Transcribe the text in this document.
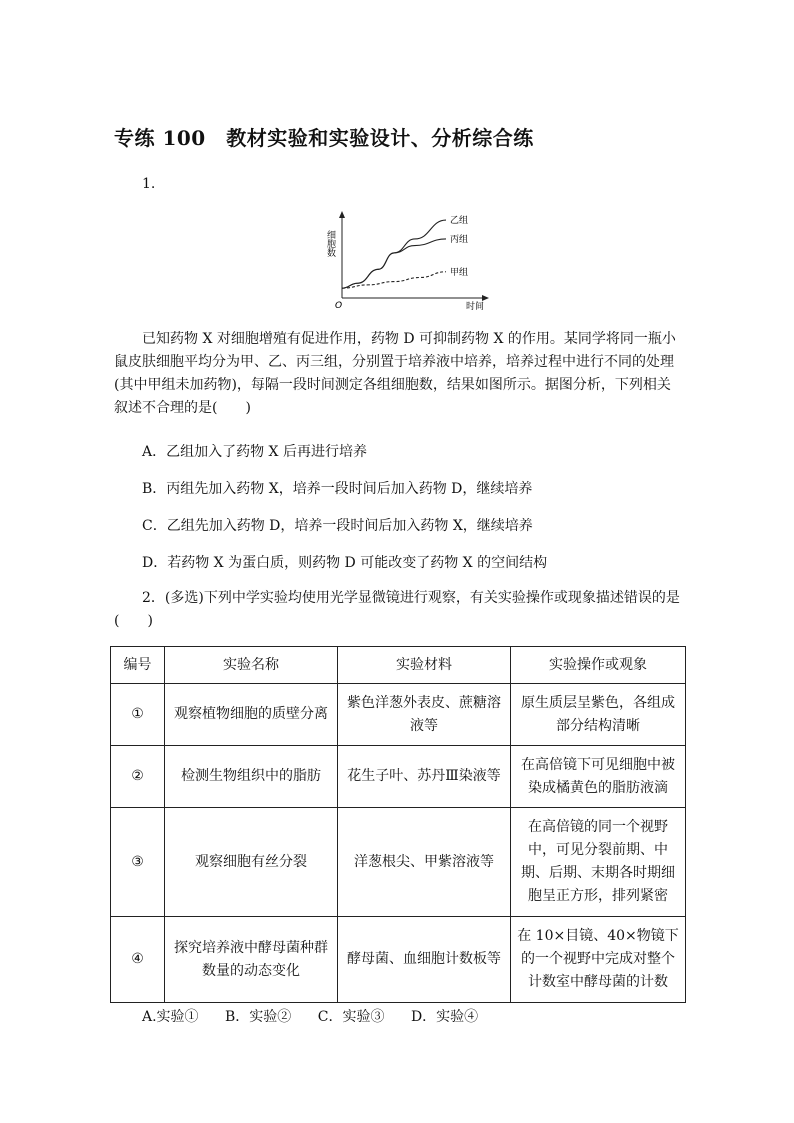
专练 100　教材实验和实验设计、分析综合练
1.
细胞数
O	时间
乙组
丙组
甲组
已知药物 X 对细胞增殖有促进作用，药物 D 可抑制药物 X 的作用。某同学将同一瓶小鼠皮肤细胞平均分为甲、乙、丙三组，分别置于培养液中培养，培养过程中进行不同的处理(其中甲组未加药物)，每隔一段时间测定各组细胞数，结果如图所示。据图分析，下列相关叙述不合理的是(　　)
A．乙组加入了药物 X 后再进行培养
B．丙组先加入药物 X，培养一段时间后加入药物 D，继续培养
C．乙组先加入药物 D，培养一段时间后加入药物 X，继续培养
D．若药物 X 为蛋白质，则药物 D 可能改变了药物 X 的空间结构
2．(多选)下列中学实验均使用光学显微镜进行观察，有关实验操作或现象描述错误的是(　　)
编号	实验名称	实验材料	实验操作或观象
①	观察植物细胞的质壁分离	紫色洋葱外表皮、蔗糖溶液等	原生质层呈紫色，各组成部分结构清晰
②	检测生物组织中的脂肪	花生子叶、苏丹Ⅲ染液等	在高倍镜下可见细胞中被染成橘黄色的脂肪液滴
③	观察细胞有丝分裂	洋葱根尖、甲紫溶液等	在高倍镜的同一个视野中，可见分裂前期、中期、后期、末期各时期细胞呈正方形，排列紧密
④	探究培养液中酵母菌种群数量的动态变化	酵母菌、血细胞计数板等	在 10×目镜、40×物镜下的一个视野中完成对整个计数室中酵母菌的计数
A.实验① B．实验② C．实验③ D．实验④
